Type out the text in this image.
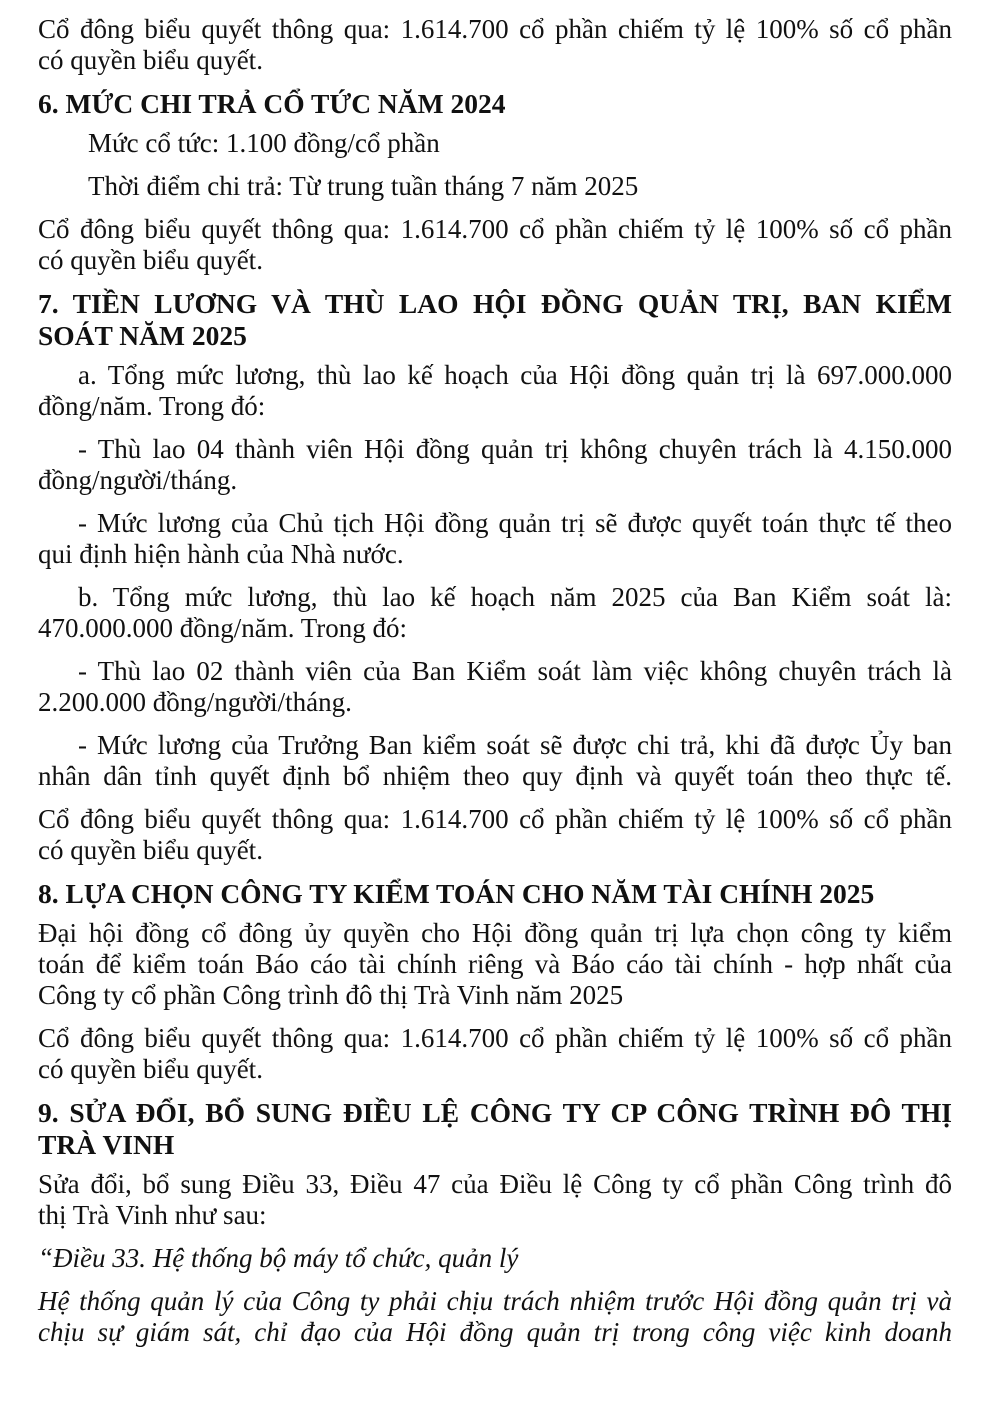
Cổ đông biểu quyết thông qua: 1.614.700 cổ phần chiếm tỷ lệ 100% số cổ phần

có quyền biểu quyết.

6. MỨC CHI TRẢ CỔ TỨC NĂM 2024

Mức cổ tức: 1.100 đồng/cổ phần

Thời điểm chi trả: Từ trung tuần tháng 7 năm 2025

Cổ đông biểu quyết thông qua: 1.614.700 cổ phần chiếm tỷ lệ 100% số cổ phần

có quyền biểu quyết.

7. TIỀN LƯƠNG VÀ THÙ LAO HỘI ĐỒNG QUẢN TRỊ, BAN KIỂM

SOÁT NĂM 2025

a. Tổng mức lương, thù lao kế hoạch của Hội đồng quản trị là 697.000.000

đồng/năm. Trong đó:

- Thù lao 04 thành viên Hội đồng quản trị không chuyên trách là 4.150.000

đồng/người/tháng.

- Mức lương của Chủ tịch Hội đồng quản trị sẽ được quyết toán thực tế theo

qui định hiện hành của Nhà nước.

b. Tổng mức lương, thù lao kế hoạch năm 2025 của Ban Kiểm soát là:

470.000.000 đồng/năm. Trong đó:

- Thù lao 02 thành viên của Ban Kiểm soát làm việc không chuyên trách là

2.200.000 đồng/người/tháng.

- Mức lương của Trưởng Ban kiểm soát sẽ được chi trả, khi đã được Ủy ban

nhân dân tỉnh quyết định bổ nhiệm theo quy định và quyết toán theo thực tế.

Cổ đông biểu quyết thông qua: 1.614.700 cổ phần chiếm tỷ lệ 100% số cổ phần

có quyền biểu quyết.

8. LỰA CHỌN CÔNG TY KIỂM TOÁN CHO NĂM TÀI CHÍNH 2025

Đại hội đồng cổ đông ủy quyền cho Hội đồng quản trị lựa chọn công ty kiểm

toán để kiểm toán Báo cáo tài chính riêng và Báo cáo tài chính - hợp nhất của

Công ty cổ phần Công trình đô thị Trà Vinh năm 2025

Cổ đông biểu quyết thông qua: 1.614.700 cổ phần chiếm tỷ lệ 100% số cổ phần

có quyền biểu quyết.

9. SỬA ĐỔI, BỔ SUNG ĐIỀU LỆ CÔNG TY CP CÔNG TRÌNH ĐÔ THỊ

TRÀ VINH

Sửa đổi, bổ sung Điều 33, Điều 47 của Điều lệ Công ty cổ phần Công trình đô

thị Trà Vinh như sau:

“Điều 33. Hệ thống bộ máy tổ chức, quản lý

Hệ thống quản lý của Công ty phải chịu trách nhiệm trước Hội đồng quản trị và

chịu sự giám sát, chỉ đạo của Hội đồng quản trị trong công việc kinh doanh
